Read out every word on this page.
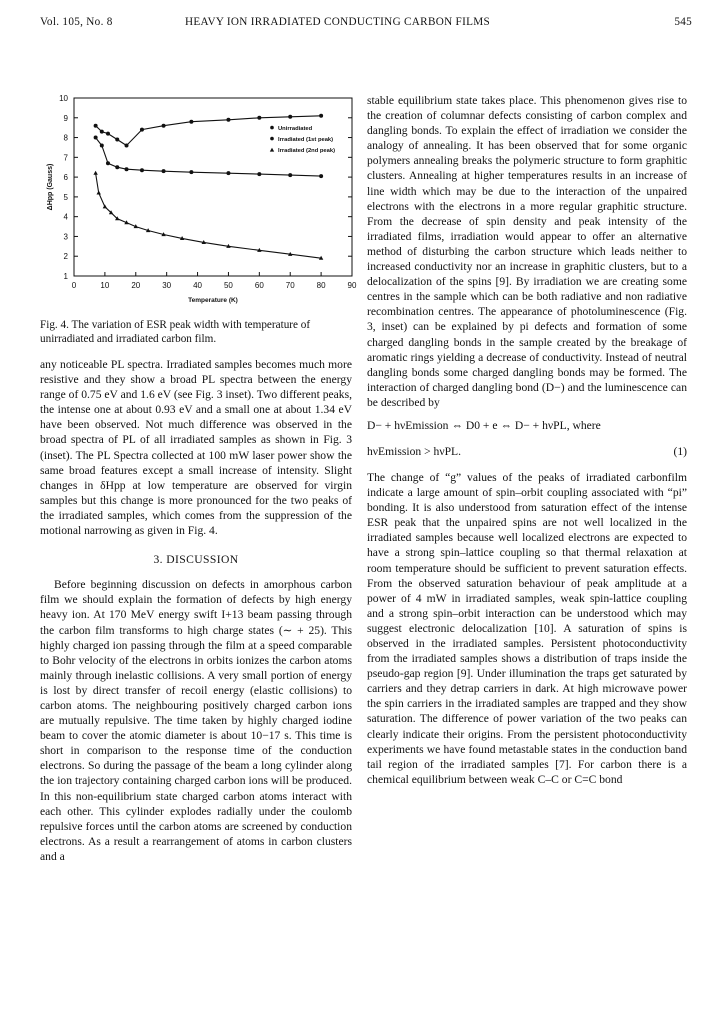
Vol. 105, No. 8	HEAVY ION IRRADIATED CONDUCTING CARBON FILMS	545
0	10	20	30	40	50	60	70	80	90
1
2
3
4
5
6
7
8
9
10
Temperature (K)
ΔHpp (Gauss)
Unirradiated
Irradiated (1st peak)
Irradiated (2nd peak)
Fig. 4. The variation of ESR peak width with temperature of unirradiated and irradiated carbon film.

any noticeable PL spectra. Irradiated samples becomes much more resistive and they show a broad PL spectra between the energy range of 0.75 eV and 1.6 eV (see Fig. 3 inset). Two different peaks, the intense one at about 0.93 eV and a small one at about 1.34 eV have been observed. Not much difference was observed in the broad spectra of PL of all irradiated samples as shown in Fig. 3 (inset). The PL Spectra collected at 100 mW laser power show the same broad features except a small increase of intensity. Slight changes in δHpp at low temperature are observed for virgin samples but this change is more pronounced for the two peaks of the irradiated samples, which comes from the suppression of the motional narrowing as given in Fig. 4.

3. DISCUSSION

Before beginning discussion on defects in amorphous carbon film we should explain the formation of defects by high energy heavy ion. At 170 MeV energy swift I+13 beam passing through the carbon film transforms to high charge states (∼ + 25). This highly charged ion passing through the film at a speed comparable to Bohr velocity of the electrons in orbits ionizes the carbon atoms mainly through inelastic collisions. A very small portion of energy is lost by direct transfer of recoil energy (elastic collisions) to carbon atoms. The neighbouring positively charged carbon ions are mutually repulsive. The time taken by highly charged iodine beam to cover the atomic diameter is about 10−17 s. This time is short in comparison to the response time of the conduction electrons. So during the passage of the beam a long cylinder along the ion trajectory containing charged carbon ions will be produced. In this non-equilibrium state charged carbon atoms interact with each other. This cylinder explodes radially under the coulomb repulsive forces until the carbon atoms are screened by conduction electrons. As a result a rearrangement of atoms in carbon clusters and a

stable equilibrium state takes place. This phenomenon gives rise to the creation of columnar defects consisting of carbon complex and dangling bonds. To explain the effect of irradiation we consider the analogy of annealing. It has been observed that for some organic polymers annealing breaks the polymeric structure to form graphitic clusters. Annealing at higher temperatures results in an increase of line width which may be due to the interaction of the unpaired electrons with the electrons in a more regular graphitic structure. From the decrease of spin density and peak intensity of the irradiated films, irradiation would appear to offer an alternative method of disturbing the carbon structure which leads neither to increased conductivity nor an increase in graphitic clusters, but to a delocalization of the spins [9]. By irradiation we are creating some centres in the sample which can be both radiative and non radiative recombination centres. The appearance of photoluminescence (Fig. 3, inset) can be explained by pi defects and formation of some charged dangling bonds in the sample created by the breakage of aromatic rings yielding a decrease of conductivity. Instead of neutral dangling bonds some charged dangling bonds may be formed. The interaction of charged dangling bond (D−) and the luminescence can be described by

D− + hνEmission ⇔ D0 + e ⇔ D− + hνPL, where
hνEmission > hνPL.	(1)

The change of “g” values of the peaks of irradiated carbonfilm indicate a large amount of spin–orbit coupling associated with “pi” bonding. It is also understood from saturation effect of the intense ESR peak that the unpaired spins are not well localized in the irradiated samples because well localized electrons are expected to have a strong spin–lattice coupling so that thermal relaxation at room temperature should be sufficient to prevent saturation effects. From the observed saturation behaviour of peak amplitude at a power of 4 mW in irradiated samples, weak spin-lattice coupling and a strong spin–orbit interaction can be understood which may suggest electronic delocalization [10]. A saturation of spins is observed in the irradiated samples. Persistent photoconductivity from the irradiated samples shows a distribution of traps inside the pseudo-gap region [9]. Under illumination the traps get saturated by carriers and they detrap carriers in dark. At high microwave power the spin carriers in the irradiated samples are trapped and they show saturation. The difference of power variation of the two peaks can clearly indicate their origins. From the persistent photoconductivity experiments we have found metastable states in the conduction band tail region of the irradiated samples [7]. For carbon there is a chemical equilibrium between weak C–C or C=C bond
